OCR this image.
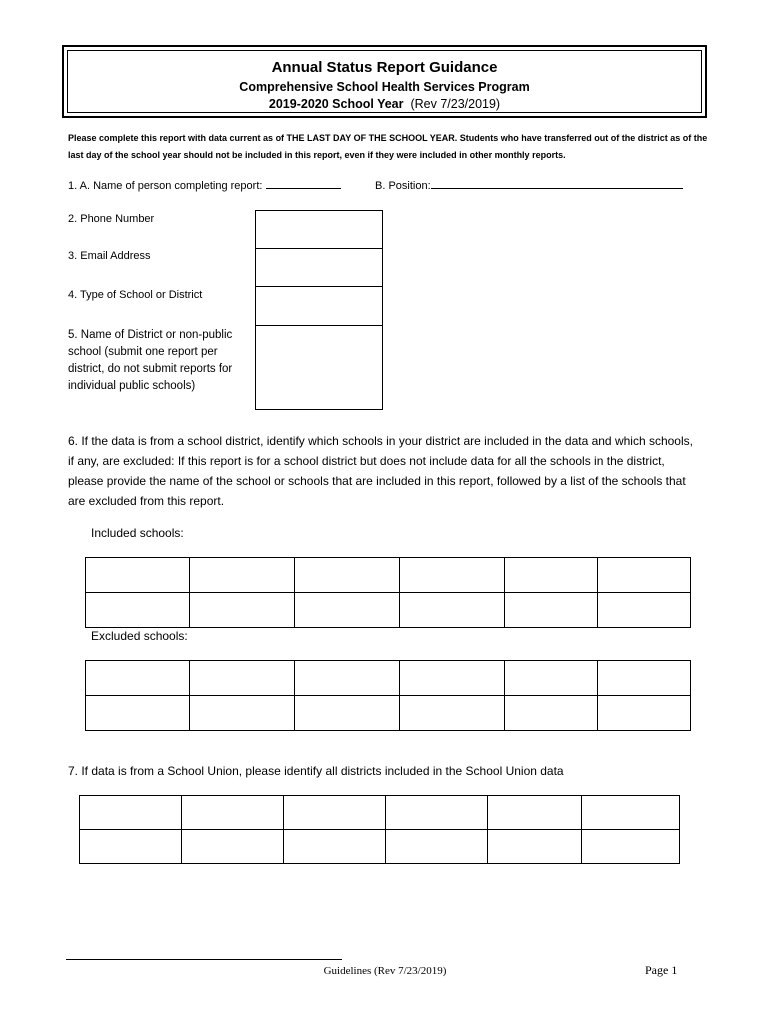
Annual Status Report Guidance
Comprehensive School Health Services Program
2019-2020 School Year (Rev 7/23/2019)
Please complete this report with data current as of THE LAST DAY OF THE SCHOOL YEAR. Students who have transferred out of the district as of the last day of the school year should not be included in this report, even if they were included in other monthly reports.
1. A. Name of person completing report:	B. Position:
2. Phone Number
3. Email Address
4. Type of School or District
5. Name of District or non-public school (submit one report per district, do not submit reports for individual public schools)
6. If the data is from a school district, identify which schools in your district are included in the data and which schools, if any, are excluded: If this report is for a school district but does not include data for all the schools in the district, please provide the name of the school or schools that are included in this report, followed by a list of the schools that are excluded from this report.
Included schools:

Excluded schools:

7. If data is from a School Union, please identify all districts included in the School Union data

Guidelines (Rev 7/23/2019)	Page 1
